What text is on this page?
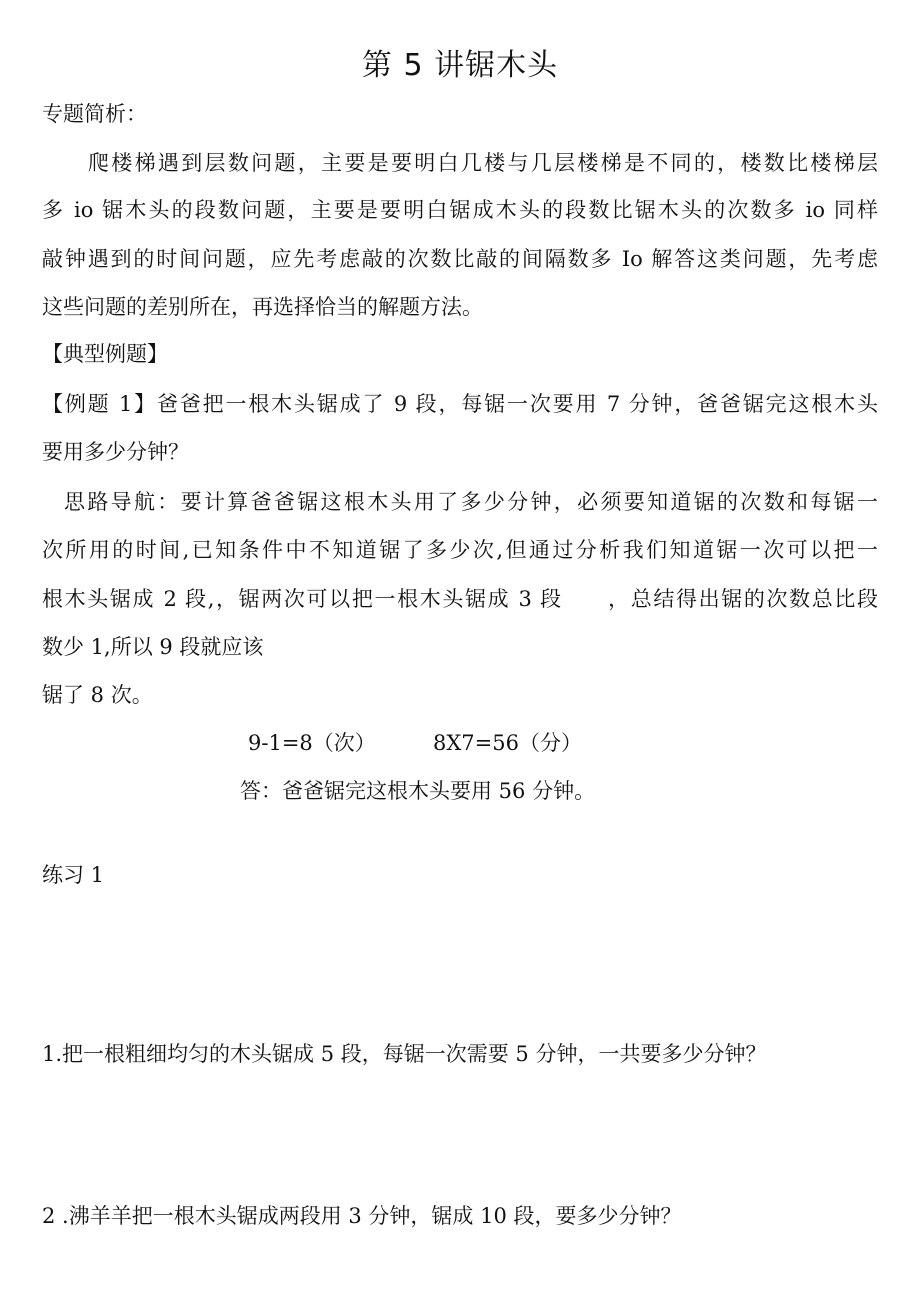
第 5 讲锯木头
专题简析：
爬楼梯遇到层数问题，主要是要明白几楼与几层楼梯是不同的，楼数比楼梯层
多 io 锯木头的段数问题，主要是要明白锯成木头的段数比锯木头的次数多 io 同样
敲钟遇到的时间问题，应先考虑敲的次数比敲的间隔数多 Io 解答这类问题，先考虑
这些问题的差别所在，再选择恰当的解题方法。
【典型例题】
【例题 1】爸爸把一根木头锯成了 9 段，每锯一次要用 7 分钟，爸爸锯完这根木头
要用多少分钟？
思路导航：要计算爸爸锯这根木头用了多少分钟，必须要知道锯的次数和每锯一
次所用的时间,已知条件中不知道锯了多少次,但通过分析我们知道锯一次可以把一
根木头锯成 2 段,，锯两次可以把一根木头锯成 3 段　　，总结得出锯的次数总比段
数少 1,所以 9 段就应该
锯了 8 次。
9-1=8（次）	8X7=56（分）
答：爸爸锯完这根木头要用 56 分钟。
练习 1
1.把一根粗细均匀的木头锯成 5 段，每锯一次需要 5 分钟，一共要多少分钟？
2 .沸羊羊把一根木头锯成两段用 3 分钟，锯成 10 段，要多少分钟？
